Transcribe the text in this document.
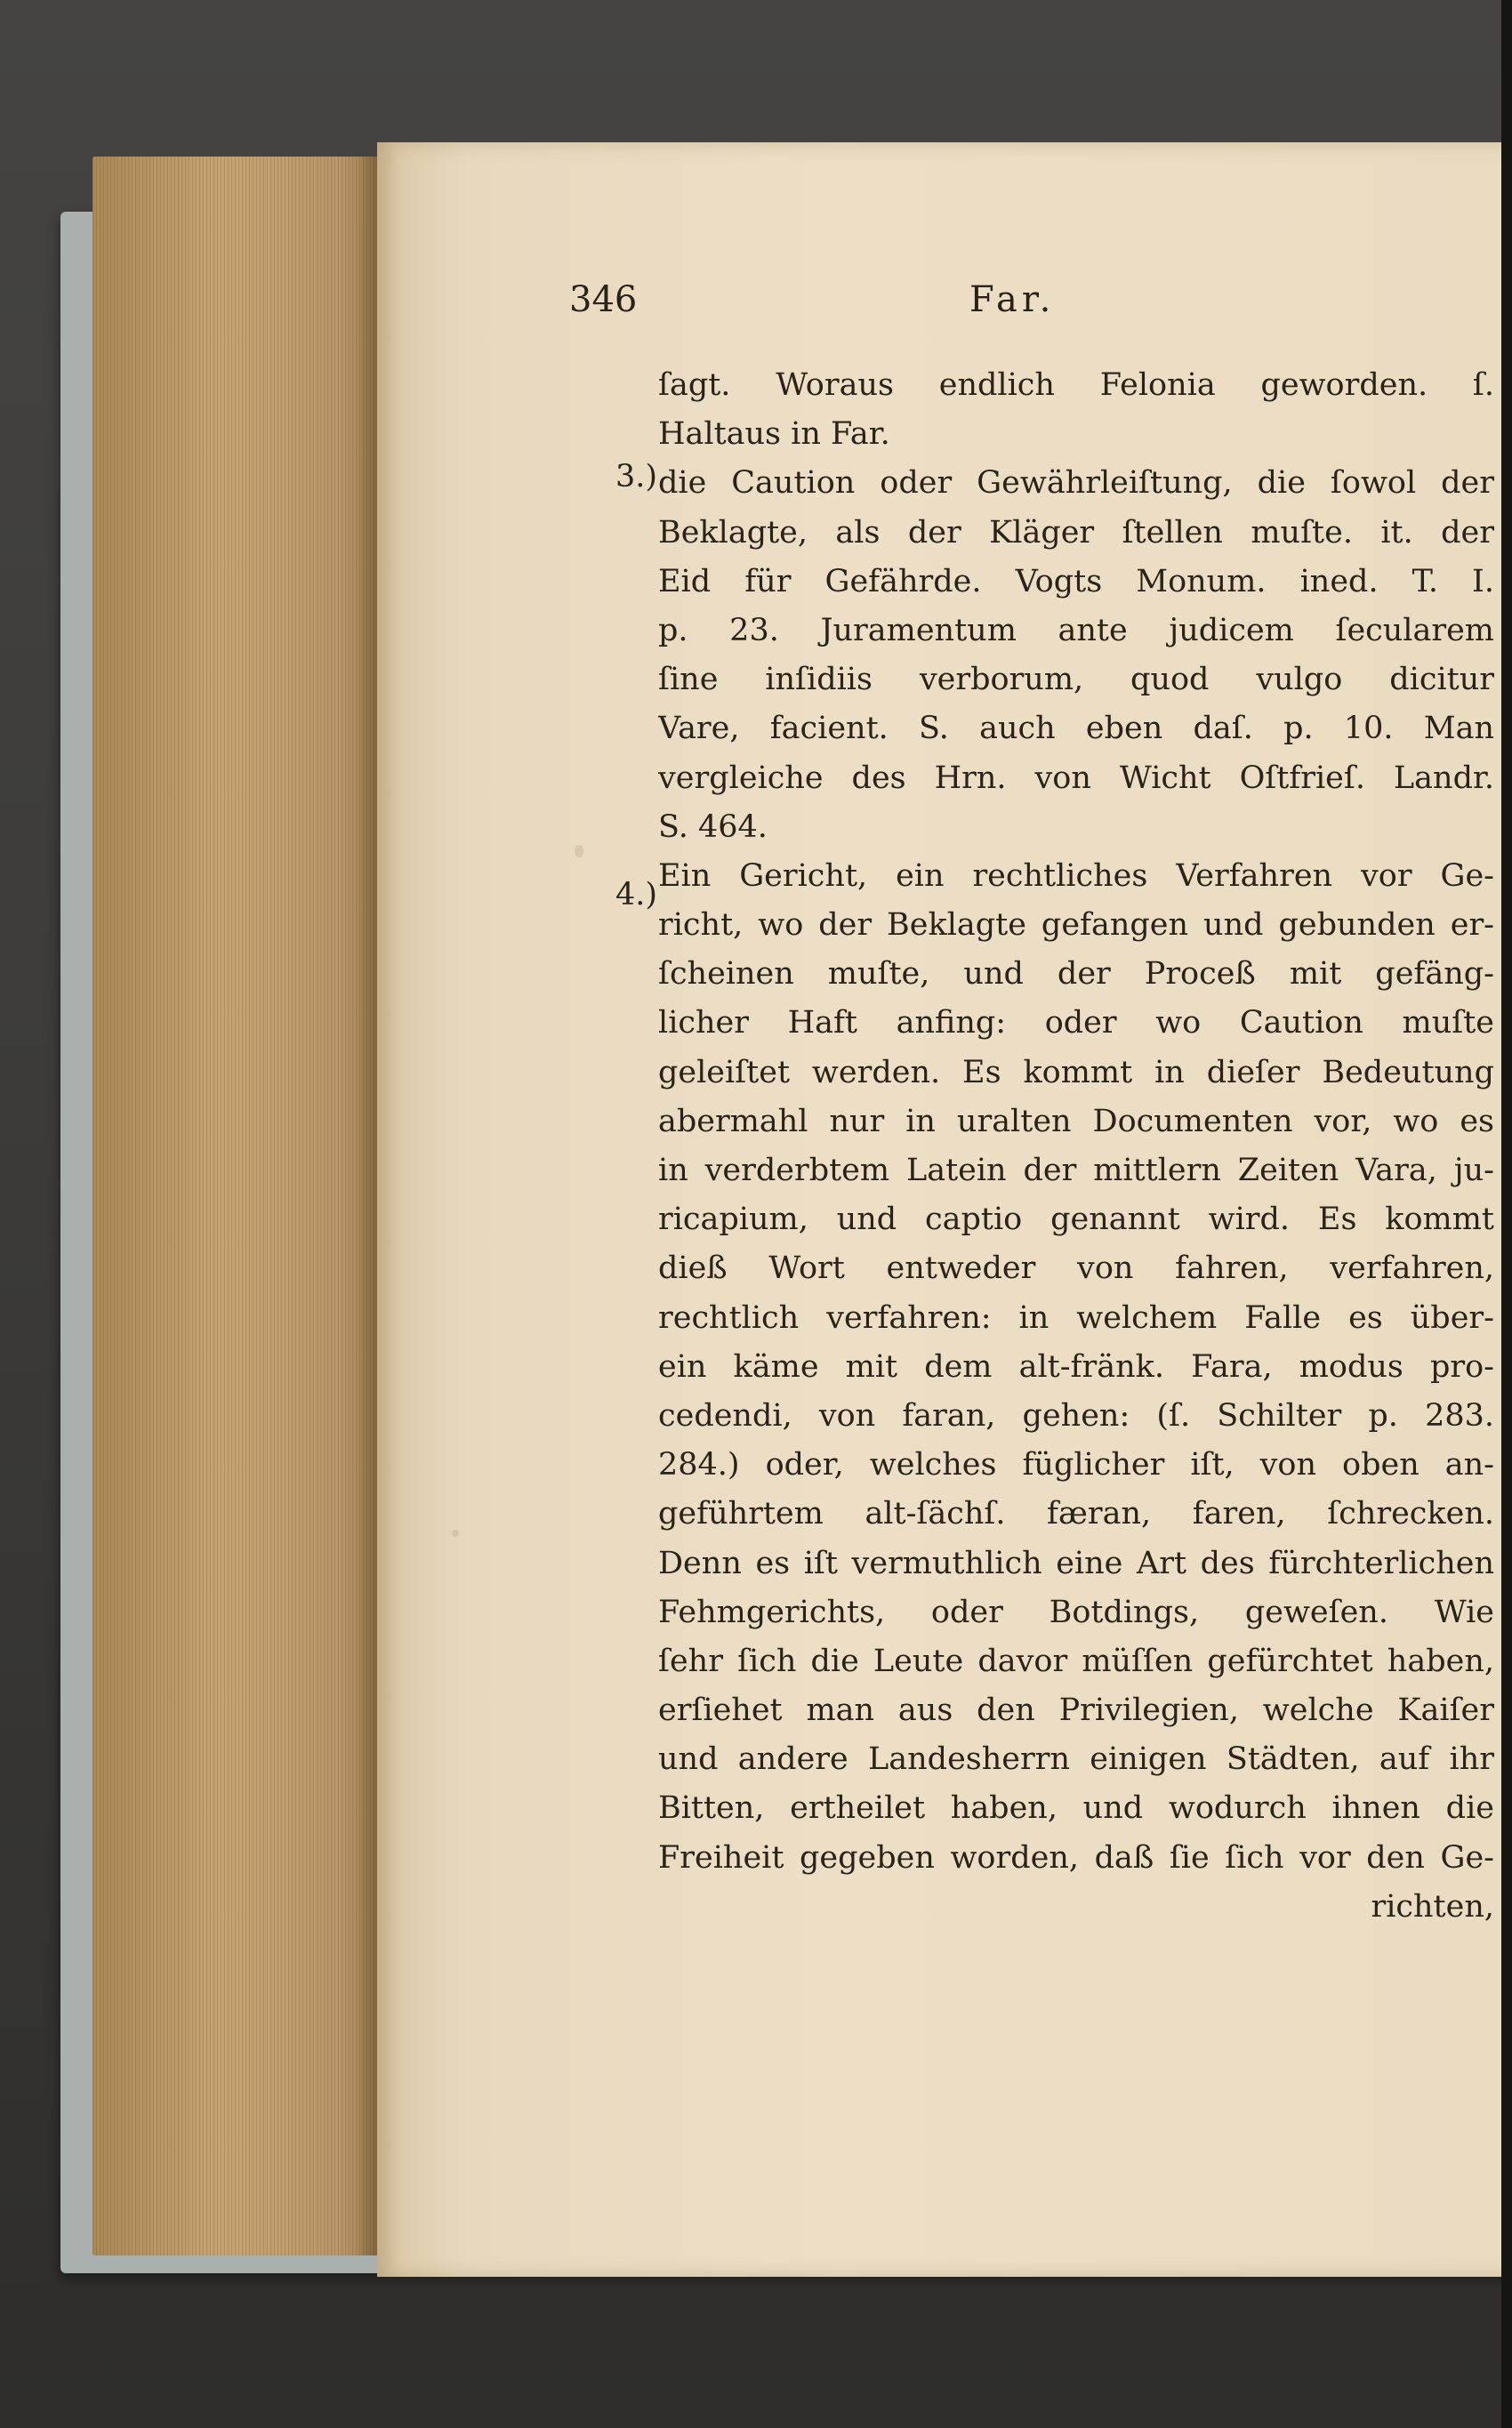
346	Far.
3.)
4.)
ſagt. Woraus endlich Felonia geworden. ſ.
Haltaus in Far.
die Caution oder Gewährleiſtung, die ſowol der
Beklagte, als der Kläger ſtellen muſte. it. der
Eid für Gefährde. Vogts Monum. ined. T. I.
p. 23. Juramentum ante judicem ſecularem
ſine inſidiis verborum, quod vulgo dicitur
Vare, facient. S. auch eben daſ. p. 10. Man
vergleiche des Hrn. von Wicht Oſtfrieſ. Landr.
S. 464.
Ein Gericht, ein rechtliches Verfahren vor Ge-
richt, wo der Beklagte gefangen und gebunden er-
ſcheinen muſte, und der Proceß mit gefäng-
licher Haft anfing: oder wo Caution muſte
geleiſtet werden. Es kommt in dieſer Bedeutung
abermahl nur in uralten Documenten vor, wo es
in verderbtem Latein der mittlern Zeiten Vara, ju-
ricapium, und captio genannt wird. Es kommt
dieß Wort entweder von fahren, verfahren,
rechtlich verfahren: in welchem Falle es über-
ein käme mit dem alt-fränk. Fara, modus pro-
cedendi, von faran, gehen: (ſ. Schilter p. 283.
284.) oder, welches füglicher iſt, von oben an-
geführtem alt-ſächſ. færan, faren, ſchrecken.
Denn es iſt vermuthlich eine Art des fürchterlichen
Fehmgerichts, oder Botdings, geweſen. Wie
ſehr ſich die Leute davor müſſen gefürchtet haben,
erſiehet man aus den Privilegien, welche Kaiſer
und andere Landesherrn einigen Städten, auf ihr
Bitten, ertheilet haben, und wodurch ihnen die
Freiheit gegeben worden, daß ſie ſich vor den Ge-
richten,
